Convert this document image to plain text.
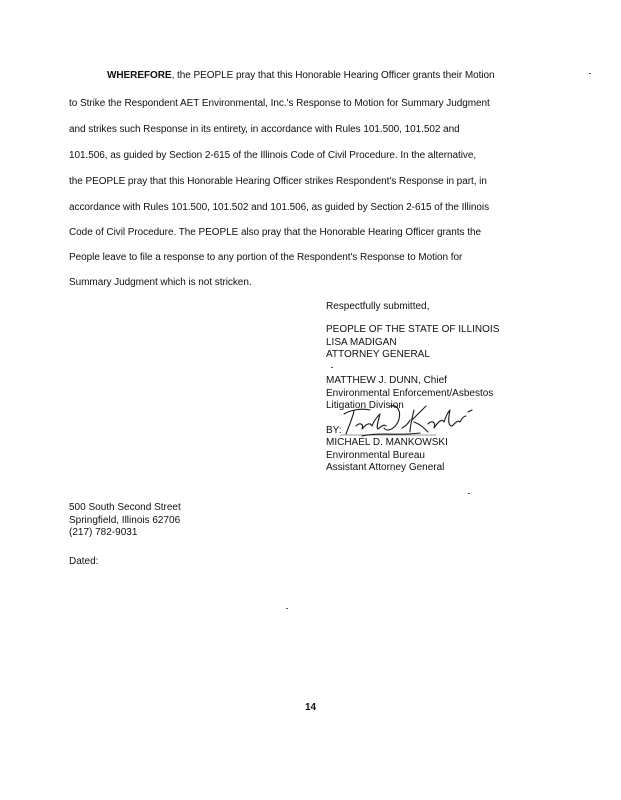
WHEREFORE, the PEOPLE pray that this Honorable Hearing Officer grants their Motion
to Strike the Respondent AET Environmental, Inc.'s Response to Motion for Summary Judgment
and strikes such Response in its entirety, in accordance with Rules 101.500, 101.502 and
101.506, as guided by Section 2-615 of the Illinois Code of Civil Procedure. In the alternative,
the PEOPLE pray that this Honorable Hearing Officer strikes Respondent's Response in part, in
accordance with Rules 101.500, 101.502 and 101.506, as guided by Section 2-615 of the Illinois
Code of Civil Procedure. The PEOPLE also pray that the Honorable Hearing Officer grants the
People leave to file a response to any portion of the Respondent's Response to Motion for
Summary Judgment which is not stricken.
Respectfully submitted,
PEOPLE OF THE STATE OF ILLINOIS
LISA MADIGAN
ATTORNEY GENERAL
MATTHEW J. DUNN, Chief
Environmental Enforcement/Asbestos
Litigation Division
BY:
MICHAEL D. MANKOWSKI
Environmental Bureau
Assistant Attorney General
500 South Second Street
Springfield, Illinois 62706
(217) 782-9031
Dated:
14
